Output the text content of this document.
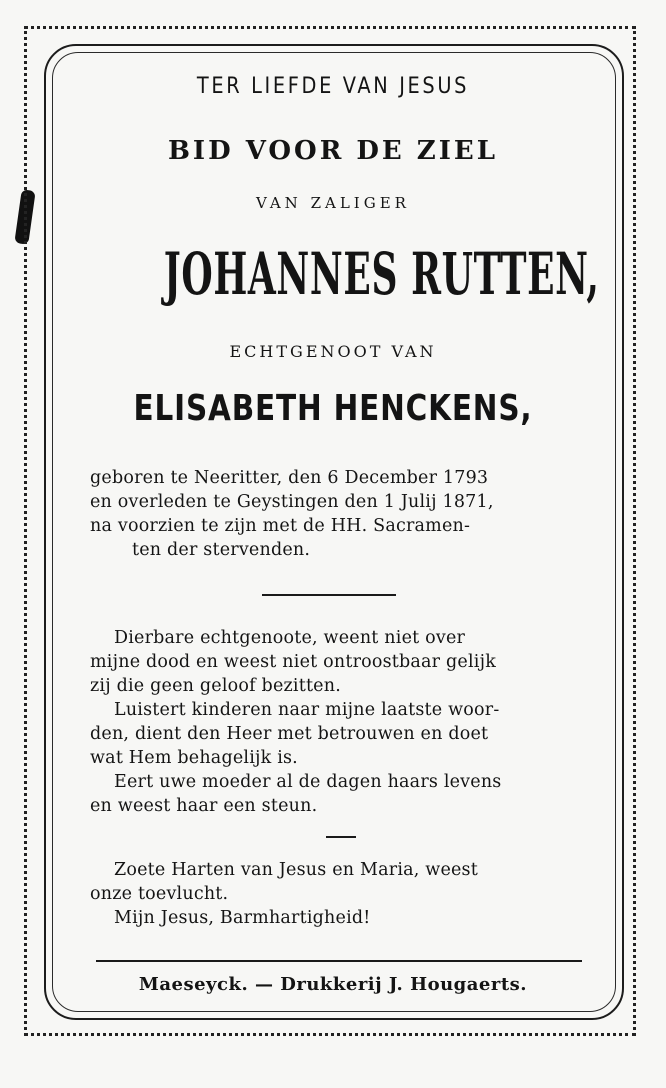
TER LIEFDE VAN JESUS
BID VOOR DE ZIEL
VAN ZALIGER
JOHANNES RUTTEN,
ECHTGENOOT VAN
ELISABETH HENCKENS,
geboren te Neeritter, den 6 December 1793
en overleden te Geystingen den 1 Julij 1871,
na voorzien te zijn met de HH. Sacramen-
ten der stervenden.
Dierbare echtgenoote, weent niet over
mijne dood en weest niet ontroostbaar gelijk
zij die geen geloof bezitten.
Luistert kinderen naar mijne laatste woor-
den, dient den Heer met betrouwen en doet
wat Hem behagelijk is.
Eert uwe moeder al de dagen haars levens
en weest haar een steun.
Zoete Harten van Jesus en Maria, weest
onze toevlucht.
Mijn Jesus, Barmhartigheid!
Maeseyck. — Drukkerij J. Hougaerts.
